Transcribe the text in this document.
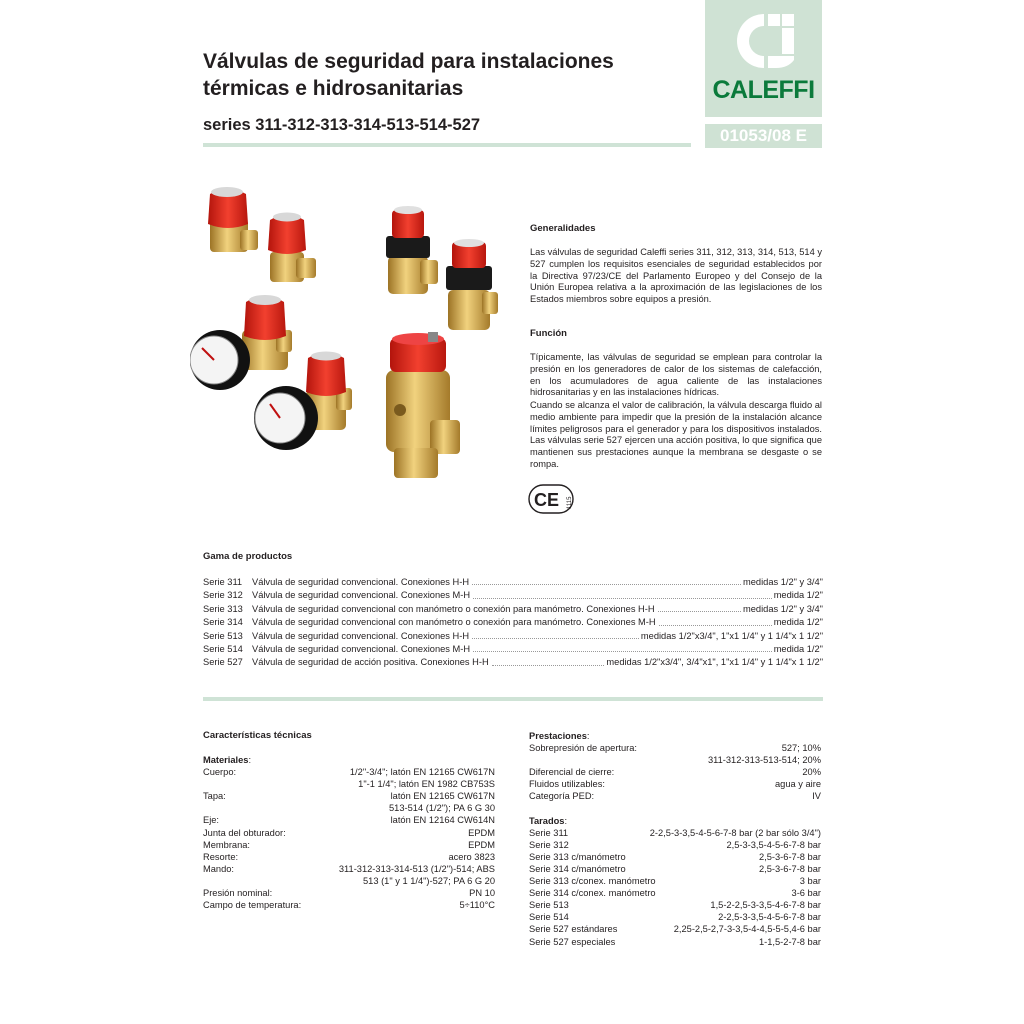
Válvulas de seguridad para instalaciones
térmicas e hidrosanitarias
series 311-312-313-314-513-514-527
CALEFFI
01053/08 E
Generalidades
Las válvulas de seguridad Caleffi series 311, 312, 313, 314, 513, 514 y 527 cumplen los requisitos esenciales de seguridad establecidos por la Directiva 97/23/CE del Parlamento Europeo y del Consejo de la Unión Europea relativa a la aproximación de las legislaciones de los Estados miembros sobre equipos a presión.
Función
Típicamente, las válvulas de seguridad se emplean para controlar la presión en los generadores de calor de los sistemas de calefacción, en los acumuladores de agua caliente de las instalaciones hidrosanitarias y en las instalaciones hídricas.
Cuando se alcanza el valor de calibración, la válvula descarga fluido al medio ambiente para impedir que la presión de la instalación alcance límites peligrosos para el generador y para los dispositivos instalados. Las válvulas serie 527 ejercen una acción positiva, lo que significa que mantienen sus prestaciones aunque la membrana se desgaste o se rompa.
CE 1115
Gama de productos
Serie 311	Válvula de seguridad convencional. Conexiones H-H	medidas 1/2" y 3/4"
Serie 312 Válvula de seguridad convencional. Conexiones M-H	medida 1/2"
Serie 313 Válvula de seguridad convencional con manómetro o conexión para manómetro. Conexiones H-H	medidas 1/2" y 3/4"
Serie 314 Válvula de seguridad convencional con manómetro o conexión para manómetro. Conexiones M-H	medida 1/2"
Serie 513 Válvula de seguridad convencional. Conexiones H-H	medidas 1/2"x3/4", 1"x1 1/4" y 1 1/4"x 1 1/2"
Serie 514 Válvula de seguridad convencional. Conexiones M-H	medida 1/2"
Serie 527 Válvula de seguridad de acción positiva. Conexiones H-H	medidas 1/2"x3/4", 3/4"x1", 1"x1 1/4" y 1 1/4"x 1 1/2"
Características técnicas
Materiales:
Cuerpo:	1/2"-3/4"; latón EN 12165 CW617N
1"-1 1/4"; latón EN 1982 CB753S
Tapa:	latón EN 12165 CW617N
513-514 (1/2"); PA 6 G 30
Eje:	latón EN 12164 CW614N
Junta del obturador:	EPDM
Membrana:	EPDM
Resorte:	acero 3823
Mando:	311-312-313-314-513 (1/2")-514; ABS
513 (1" y 1 1/4")-527; PA 6 G 20
Presión nominal:	PN 10
Campo de temperatura:	5÷110°C
Prestaciones:
Sobrepresión de apertura:	527; 10%
311-312-313-513-514; 20%
Diferencial de cierre:	20%
Fluidos utilizables:	agua y aire
Categoría PED:	IV
Tarados:
Serie 311	2-2,5-3-3,5-4-5-6-7-8 bar (2 bar sólo 3/4")
Serie 312	2,5-3-3,5-4-5-6-7-8 bar
Serie 313 c/manómetro	2,5-3-6-7-8 bar
Serie 314 c/manómetro	2,5-3-6-7-8 bar
Serie 313 c/conex. manómetro	3 bar
Serie 314 c/conex. manómetro	3-6 bar
Serie 513	1,5-2-2,5-3-3,5-4-6-7-8 bar
Serie 514	2-2,5-3-3,5-4-5-6-7-8 bar
Serie 527 estándares	2,25-2,5-2,7-3-3,5-4-4,5-5-5,4-6 bar
Serie 527 especiales	1-1,5-2-7-8 bar
